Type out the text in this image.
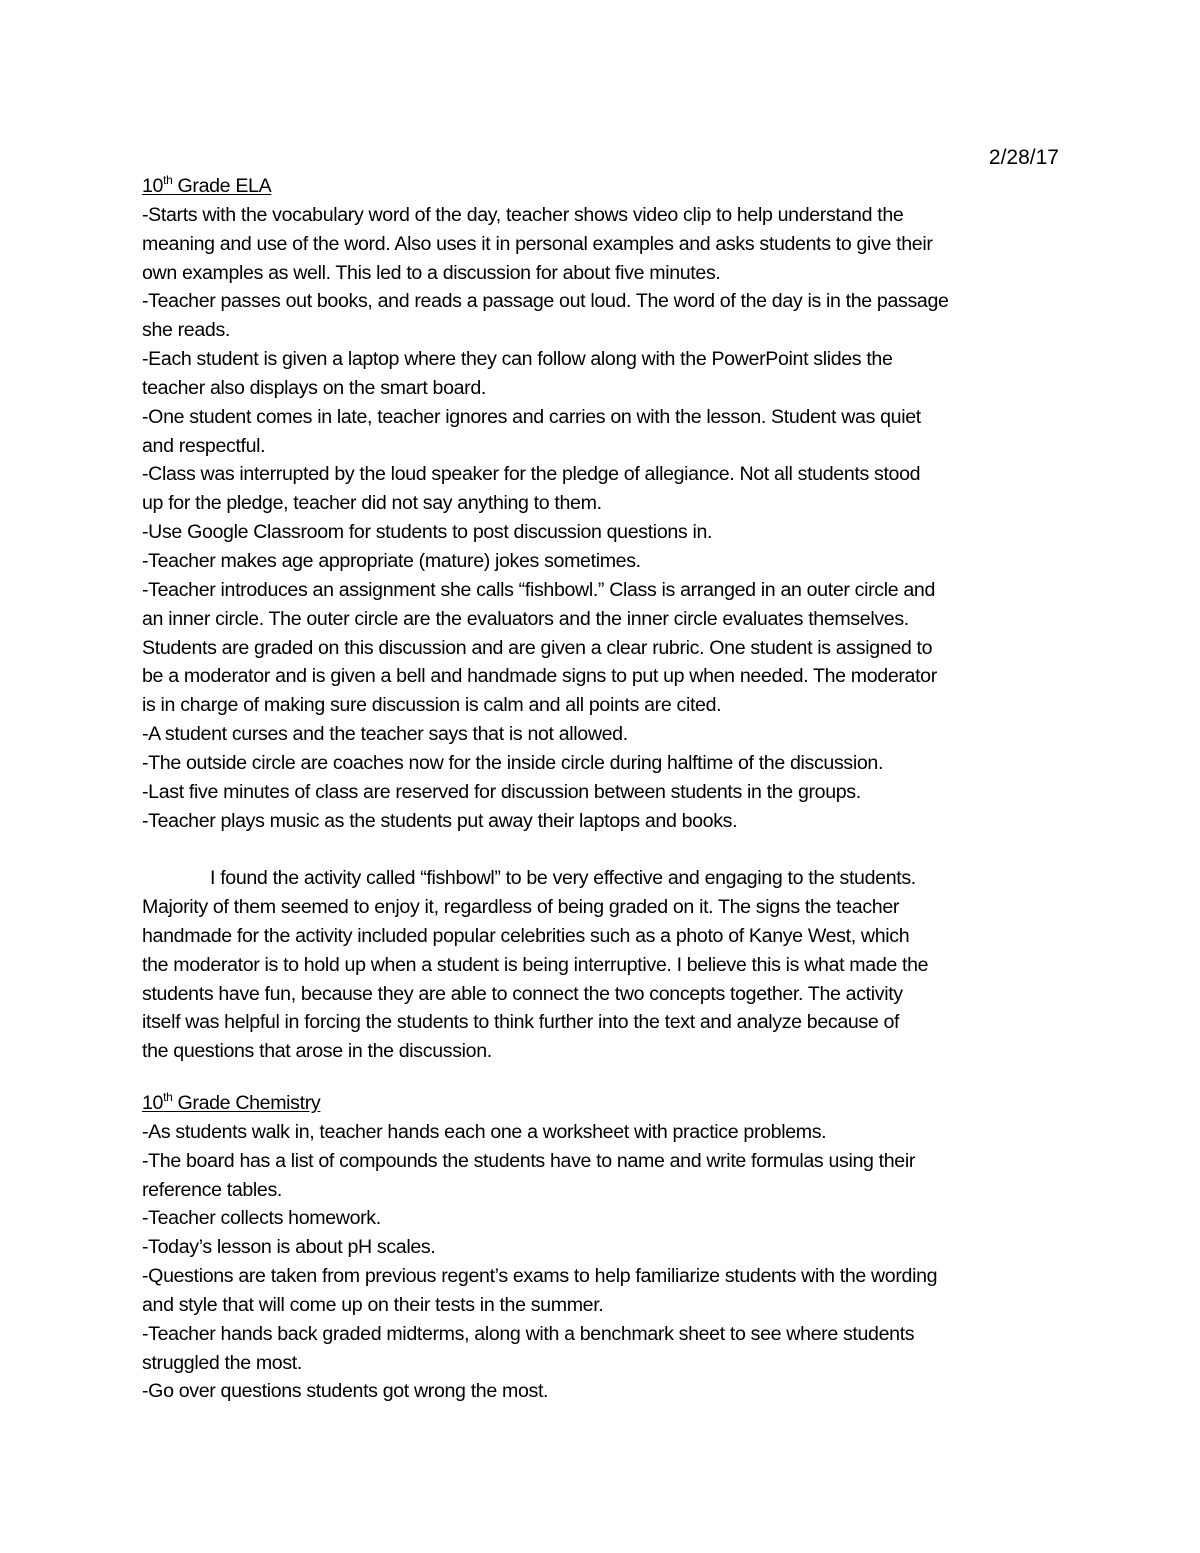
2/28/17
10th Grade ELA
-Starts with the vocabulary word of the day, teacher shows video clip to help understand the
meaning and use of the word. Also uses it in personal examples and asks students to give their
own examples as well. This led to a discussion for about five minutes.
-Teacher passes out books, and reads a passage out loud. The word of the day is in the passage
she reads.
-Each student is given a laptop where they can follow along with the PowerPoint slides the
teacher also displays on the smart board.
-One student comes in late, teacher ignores and carries on with the lesson. Student was quiet
and respectful.
-Class was interrupted by the loud speaker for the pledge of allegiance. Not all students stood
up for the pledge, teacher did not say anything to them.
-Use Google Classroom for students to post discussion questions in.
-Teacher makes age appropriate (mature) jokes sometimes.
-Teacher introduces an assignment she calls “fishbowl.” Class is arranged in an outer circle and
an inner circle. The outer circle are the evaluators and the inner circle evaluates themselves.
Students are graded on this discussion and are given a clear rubric. One student is assigned to
be a moderator and is given a bell and handmade signs to put up when needed. The moderator
is in charge of making sure discussion is calm and all points are cited.
-A student curses and the teacher says that is not allowed.
-The outside circle are coaches now for the inside circle during halftime of the discussion.
-Last five minutes of class are reserved for discussion between students in the groups.
-Teacher plays music as the students put away their laptops and books.
I found the activity called “fishbowl” to be very effective and engaging to the students.
Majority of them seemed to enjoy it, regardless of being graded on it. The signs the teacher
handmade for the activity included popular celebrities such as a photo of Kanye West, which
the moderator is to hold up when a student is being interruptive. I believe this is what made the
students have fun, because they are able to connect the two concepts together. The activity
itself was helpful in forcing the students to think further into the text and analyze because of
the questions that arose in the discussion.
10th Grade Chemistry
-As students walk in, teacher hands each one a worksheet with practice problems.
-The board has a list of compounds the students have to name and write formulas using their
reference tables.
-Teacher collects homework.
-Today’s lesson is about pH scales.
-Questions are taken from previous regent’s exams to help familiarize students with the wording
and style that will come up on their tests in the summer.
-Teacher hands back graded midterms, along with a benchmark sheet to see where students
struggled the most.
-Go over questions students got wrong the most.
